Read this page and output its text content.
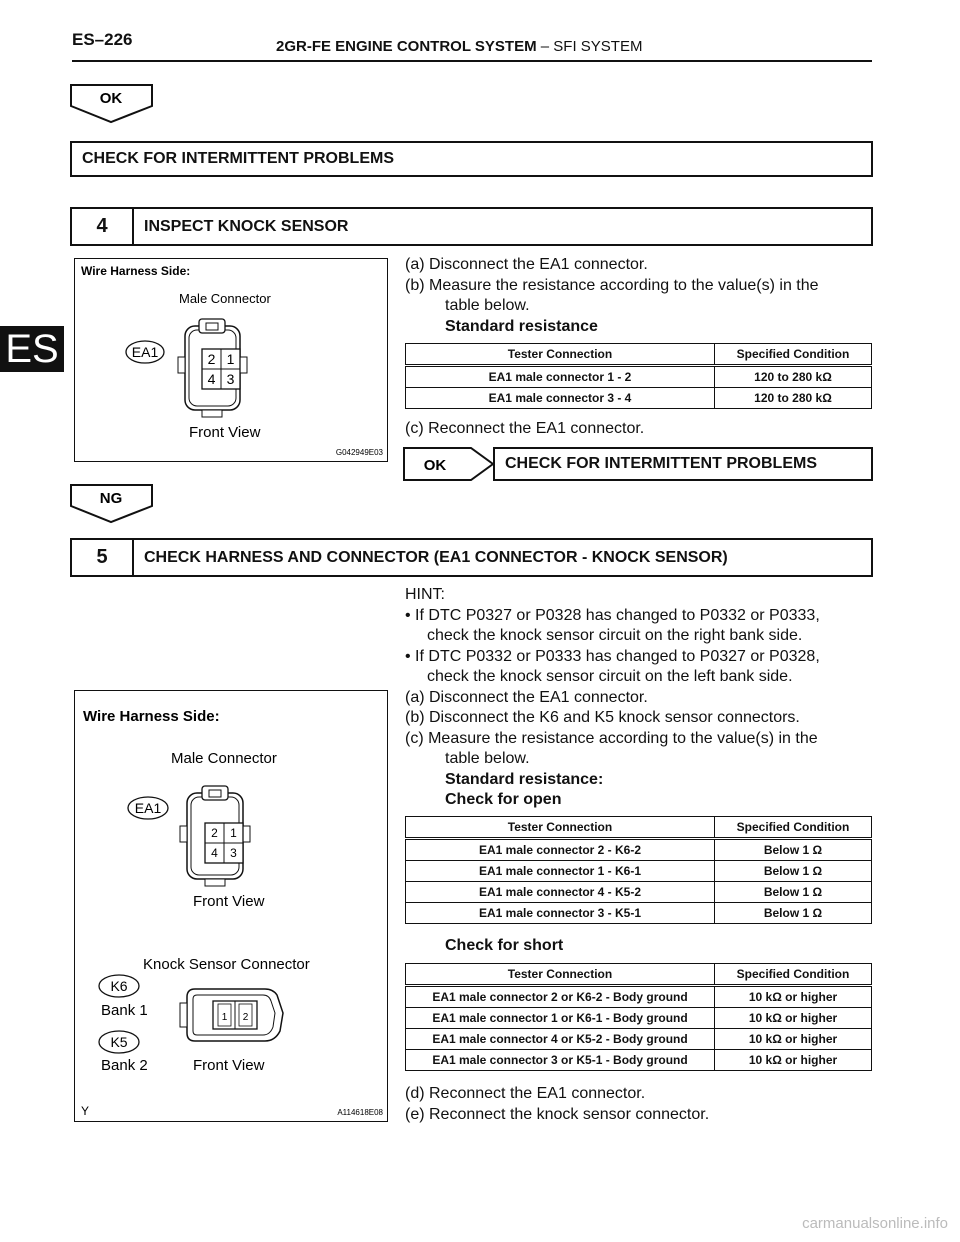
ES–226	2GR-FE ENGINE CONTROL SYSTEM – SFI SYSTEM
ES
OK
CHECK FOR INTERMITTENT PROBLEMS
4	INSPECT KNOCK SENSOR
Wire Harness Side:
Male Connector
EA1	2 1
4 3
Front View
G042949E03
(a) Disconnect the EA1 connector.
(b) Measure the resistance according to the value(s) in the
table below.
Standard resistance
Tester Connection	Specified Condition
EA1 male connector 1 - 2	120 to 280 kΩ
EA1 male connector 3 - 4	120 to 280 kΩ
(c) Reconnect the EA1 connector.
OK	CHECK FOR INTERMITTENT PROBLEMS
NG
5	CHECK HARNESS AND CONNECTOR (EA1 CONNECTOR - KNOCK SENSOR)
HINT:
• If DTC P0327 or P0328 has changed to P0332 or P0333,
check the knock sensor circuit on the right bank side.
• If DTC P0332 or P0333 has changed to P0327 or P0328,
check the knock sensor circuit on the left bank side.
(a) Disconnect the EA1 connector.
(b) Disconnect the K6 and K5 knock sensor connectors.
(c) Measure the resistance according to the value(s) in the
table below.
Standard resistance:
Check for open
Tester Connection	Specified Condition
EA1 male connector 2 - K6-2	Below 1 Ω
EA1 male connector 1 - K6-1	Below 1 Ω
EA1 male connector 4 - K5-2	Below 1 Ω
EA1 male connector 3 - K5-1	Below 1 Ω
Check for short
Tester Connection	Specified Condition
EA1 male connector 2 or K6-2 - Body ground	10 kΩ or higher
EA1 male connector 1 or K6-1 - Body ground	10 kΩ or higher
EA1 male connector 4 or K5-2 - Body ground	10 kΩ or higher
EA1 male connector 3 or K5-1 - Body ground	10 kΩ or higher
(d) Reconnect the EA1 connector.
(e) Reconnect the knock sensor connector.
Wire Harness Side:
Male Connector
EA1
2 1
4 3
Front View
Knock Sensor Connector
K6
Bank 1
K5
Bank 2
1 2
Front View
Y	A114618E08
carmanualsonline.info
